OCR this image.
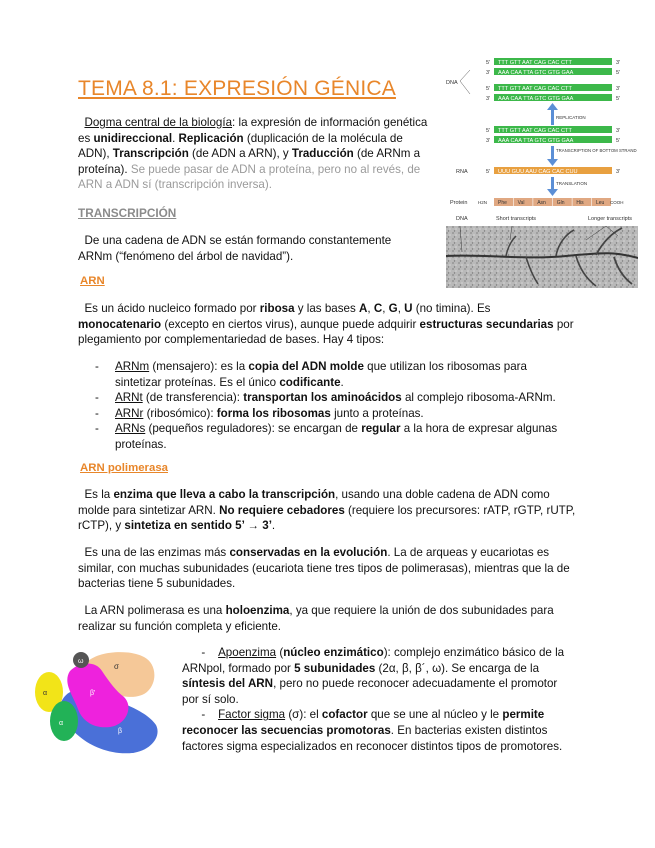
TEMA 8.1: EXPRESIÓN GÉNICA

Dogma central de la biología: la expresión de información genética es unidireccional. Replicación (duplicación de la molécula de ADN), Transcripción (de ADN a ARN), y Traducción (de ARNm a proteína). Se puede pasar de ADN a proteína, pero no al revés, de ARN a ADN sí (transcripción inversa).

TRANSCRIPCIÓN

De una cadena de ADN se están formando constantemente ARNm (“fenómeno del árbol de navidad”).

ARN

Es un ácido nucleico formado por ribosa y las bases A, C, G, U (no timina). Es monocatenario (excepto en ciertos virus), aunque puede adquirir estructuras secundarias por plegamiento por complementariedad de bases. Hay 4 tipos:

- ARNm (mensajero): es la copia del ADN molde que utilizan los ribosomas para sintetizar proteínas. Es el único codificante.
- ARNt (de transferencia): transportan los aminoácidos al complejo ribosoma-ARNm.
- ARNr (ribosómico): forma los ribosomas junto a proteínas.
- ARNs (pequeños reguladores): se encargan de regular a la hora de expresar algunas proteínas.
ARN polimerasa

Es la enzima que lleva a cabo la transcripción, usando una doble cadena de ADN como molde para sintetizar ARN. No requiere cebadores (requiere los precursores: rATP, rGTP, rUTP, rCTP), y sintetiza en sentido 5’ → 3’.

Es una de las enzimas más conservadas en la evolución. La de arqueas y eucariotas es similar, con muchas subunidades (eucariota tiene tres tipos de polimerasas), mientras que la de bacterias tiene 5 subunidades.

La ARN polimerasa es una holoenzima, ya que requiere la unión de dos subunidades para realizar su función completa y eficiente.

-    Apoenzima (núcleo enzimático): complejo enzimático básico de la ARNpol, formado por 5 subunidades (2α, β, β´, ω). Se encarga de la síntesis del ARN, pero no puede reconocer adecuadamente el promotor por sí solo.

-    Factor sigma (σ): el cofactor que se une al núcleo y le permite reconocer las secuencias promotoras. En bacterias existen distintos factores sigma especializados en reconocer distintos tipos de promotores.

DNA
5' TTT GTT AAT CAG CAC CTT	3'
3' AAA CAA TTA GTC GTG GAA	5'
5' TTT GTT AAT CAG CAC CTT	3'
3' AAA CAA TTA GTC GTG GAA	5'
REPLICATION
5' TTT GTT AAT CAG CAC CTT	3'
3' AAA CAA TTA GTC GTG GAA	5'
TRANSCRIPTION OF BOTTOM STRAND
RNA	5' UUU GUU AAU CAG CAC CUU	3'
TRANSLATION
Protein H2N Phe Val	Asn Gln His Leu COOH
DNA	Short transcripts	Longer transcripts
ω
σ
α
α
β
β'
